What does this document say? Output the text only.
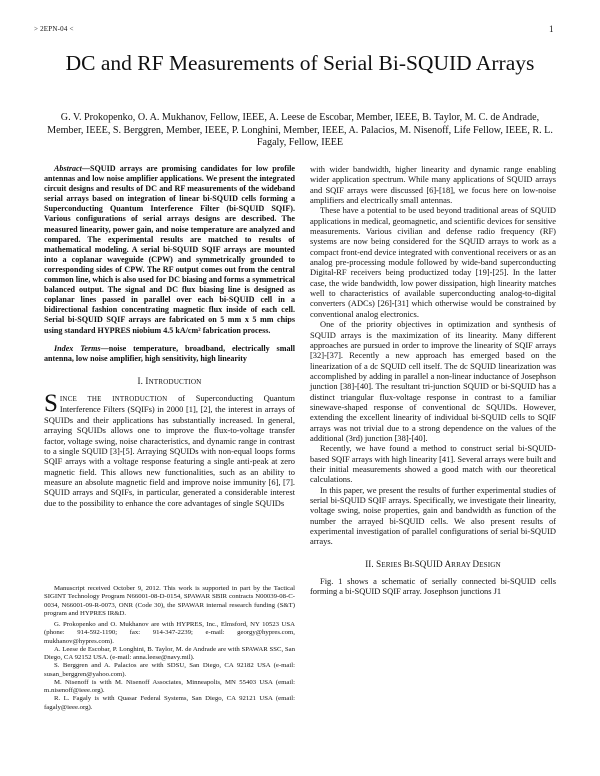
> 2EPN-04 <	1
DC and RF Measurements of Serial Bi-SQUID Arrays
G. V. Prokopenko, O. A. Mukhanov, Fellow, IEEE, A. Leese de Escobar, Member, IEEE, B. Taylor, M. C. de Andrade, Member, IEEE, S. Berggren, Member, IEEE, P. Longhini, Member, IEEE, A. Palacios, M. Nisenoff, Life Fellow, IEEE, R. L. Fagaly, Fellow, IEEE

Abstract—SQUID arrays are promising candidates for low profile antennas and low noise amplifier applications. We present the integrated circuit designs and results of DC and RF measurements of the wideband serial arrays based on integration of linear bi-SQUID cells forming a Superconducting Quantum Interference Filter (bi-SQUID SQIF). Various configurations of serial arrays designs are described. The measured linearity, power gain, and noise temperature are analyzed and compared. The experimental results are matched to results of mathematical modeling. A serial bi-SQUID SQIF arrays are mounted into a coplanar waveguide (CPW) and symmetrically grounded to corresponding sides of CPW. The RF output comes out from the central common line, which is also used for DC biasing and forms a symmetrical balanced output. The signal and DC flux biasing line is designed as coplanar lines passed in parallel over each bi-SQUID cell in a bidirectional fashion concentrating magnetic flux inside of each cell. Serial bi-SQUID SQIF arrays are fabricated on 5 mm x 5 mm chips using standard HYPRES niobium 4.5 kA/cm² fabrication process.

Index Terms—noise temperature, broadband, electrically small antenna, low noise amplifier, high sensitivity, high linearity

I. INTRODUCTION

SINCE THE INTRODUCTION of Superconducting Quantum Interference Filters (SQIFs) in 2000 [1], [2], the interest in arrays of SQUIDs and their applications has substantially increased. In general, arraying SQUIDs allows one to improve the flux-to-voltage transfer factor, voltage swing, noise characteristics, and dynamic range in contrast to a single SQUID [3]-[5]. Arraying SQUIDs with non-equal loops forms SQIF arrays with a voltage response featuring a single anti-peak at zero magnetic field. This allows new functionalities, such as an ability to measure an absolute magnetic field and improve noise immunity [6], [7]. SQUID arrays and SQIFs, in particular, generated a considerable interest due to the possibility to enhance the core advantages of single SQUIDs

Manuscript received October 9, 2012. This work is supported in part by the Tactical SIGINT Technology Program N66001-08-D-0154, SPAWAR SBIR contracts N00039-08-C-0034, N66001-09-R-0073, ONR (Code 30), the SPAWAR internal research funding (S&T) program and HYPRES IR&D.

G. Prokopenko and O. Mukhanov are with HYPRES, Inc., Elmsford, NY 10523 USA (phone: 914-592-1190; fax: 914-347-2239; e-mail: georgy@hypres.com, mukhanov@hypres.com).

A. Leese de Escobar, P. Longhini, B. Taylor, M. de Andrade are with SPAWAR SSC, San Diego, CA 92152 USA. (e-mail: anna.leese@navy.mil).

S. Berggren and A. Palacios are with SDSU, San Diego, CA 92182 USA (e-mail: susan_berggren@yahoo.com).

M. Nisenoff is with M. Nisenoff Associates, Minneapolis, MN 55403 USA (email: m.nisenoff@ieee.org).

R. L. Fagaly is with Quasar Federal Systems, San Diego, CA 92121 USA (email: fagaly@ieee.org).

with wider bandwidth, higher linearity and dynamic range enabling wider application spectrum. While many applications of SQUID arrays and SQIF arrays were discussed [6]-[18], we focus here on low-noise amplifiers and electrically small antennas.

These have a potential to be used beyond traditional areas of SQUID applications in medical, geomagnetic, and scientific devices for sensitive measurements. Various civilian and defense radio frequency (RF) systems are now being considered for the SQUID arrays to work as a compact front-end device integrated with conventional receivers or as an analog pre-processing module followed by wide-band superconducting Digital-RF receivers being productized today [19]-[25]. In the latter case, the wide bandwidth, low power dissipation, high linearity matches well to characteristics of available superconducting analog-to-digital converters (ADCs) [26]-[31] which otherwise would be constrained by conventional analog electronics.

One of the priority objectives in optimization and synthesis of SQUID arrays is the maximization of its linearity. Many different approaches are pursued in order to improve the linearity of SQIF arrays [32]-[37]. Recently a new approach has emerged based on the linearization of a dc SQUID cell itself. The dc SQUID linearization was accomplished by adding in parallel a non-linear inductance of Josephson junction [38]-[40]. The resultant tri-junction SQUID or bi-SQUID has a distinct triangular flux-voltage response in contrast to a familiar sinewave-shaped response of conventional dc SQUIDs. However, extending the excellent linearity of individual bi-SQUID cells to SQIF arrays was not trivial due to a strong dependence on the values of the additional (3rd) junction [38]-[40].

Recently, we have found a method to construct serial bi-SQUID-based SQIF arrays with high linearity [41]. Several arrays were built and their initial measurements showed a good match with our theoretical calculations.

In this paper, we present the results of further experimental studies of serial bi-SQUID SQIF arrays. Specifically, we investigate their linearity, voltage swing, noise properties, gain and bandwidth as function of the number the arrayed bi-SQUID cells. We also present results of experimental investigation of parallel configurations of serial bi-SQUID arrays.

II. SERIES BI-SQUID ARRAY DESIGN

Fig. 1 shows a schematic of serially connected bi-SQUID cells forming a bi-SQUID SQIF array. Josephson junctions J1
